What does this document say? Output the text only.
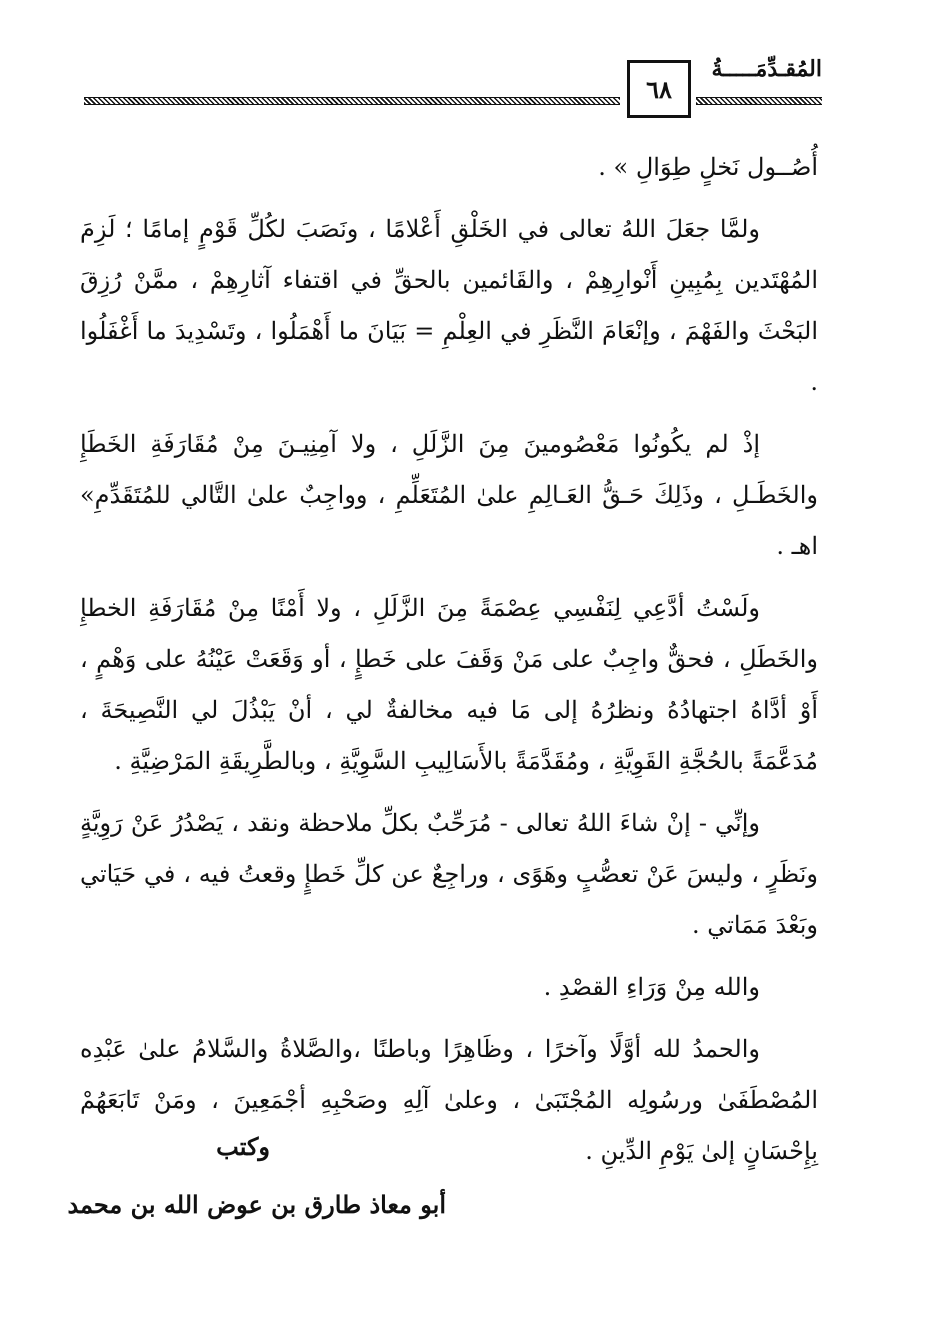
٦٨
المُقـدِّمَـــــةُ

أُصُــول نَخلٍ طِوَالِ » .

ولمَّا جعَلَ اللهُ تعالى في الخَلْقِ أَعْلامًا ، ونَصَبَ لكُلِّ قَوْمٍ إمامًا ؛ لَزِمَ المُهْتَدين بِمُبِينِ أَنْوارِهِمْ ، والقَائمين بالحقِّ في اقتفاء آثارِهِمْ ، ممَّنْ رُزِقَ البَحْثَ والفَهْمَ ، وإنْعَامَ النَّظَرِ في العِلْمِ = بَيَانَ ما أَهْمَلُوا ، وتَسْدِيدَ ما أَغْفَلُوا .

إذْ لم يكُونُوا مَعْصُومينَ مِنَ الزَّلَلِ ، ولا آمِنِيـنَ مِنْ مُقَارَفَةِ الخَطَإِ والخَطَـلِ ، وذَلِكَ حَـقُّ العَـالِمِ علىٰ المُتَعَلِّمِ ، وواجِبٌ علىٰ التَّالي للمُتَقَدِّمِ» اهـ .

ولَسْتُ أدَّعِي لِنَفْسِي عِصْمَةً مِنَ الزَّلَلِ ، ولا أَمْنًا مِنْ مُقَارَفَةِ الخطإِ والخَطَلِ ، فحقٌّ واجِبٌ على مَنْ وَقَفَ على خَطإٍ ، أو وَقَعَتْ عَيْنُهُ على وَهْمٍ ، أَوْ أدَّاهُ اجتهادُهُ ونظرُهُ إلى مَا فيه مخالفةٌ لي ، أنْ يَبْذُلَ لي النَّصِيحَةَ ، مُدَعَّمَةً بالحُجَّةِ القَوِيَّةِ ، ومُقَدَّمَةً بالأَسَالِيبِ السَّوِيَّةِ ، وبالطَّرِيقَةِ المَرْضِيَّةِ .

وإنِّي - إنْ شاءَ اللهُ تعالى - مُرَحِّبٌ بكلِّ ملاحظة ونقد ، يَصْدُرُ عَنْ رَوِيَّةٍ ونَظَرٍ ، وليسَ عَنْ تعصُّبٍ وهَوًى ، وراجِعٌ عن كلِّ خَطإٍ وقعتُ فيه ، في حَيَاتي وبَعْدَ مَمَاتي .

والله مِنْ وَرَاءِ القصْدِ .

والحمدُ لله أوَّلًا وآخرًا ، وظَاهِرًا وباطنًا ،والصَّلاةُ والسَّلامُ علىٰ عَبْدِه المُصْطَفَىٰ ورسُولِه المُجْتَبَىٰ ، وعلىٰ آلِهِ وصَحْبِهِ أجْمَعِينَ ، ومَنْ تَابَعَهُمْ بِإِحْسَانٍ إلىٰ يَوْمِ الدِّينِ .

وكتب
أبو معاذ طارق بن عوض الله بن محمد
